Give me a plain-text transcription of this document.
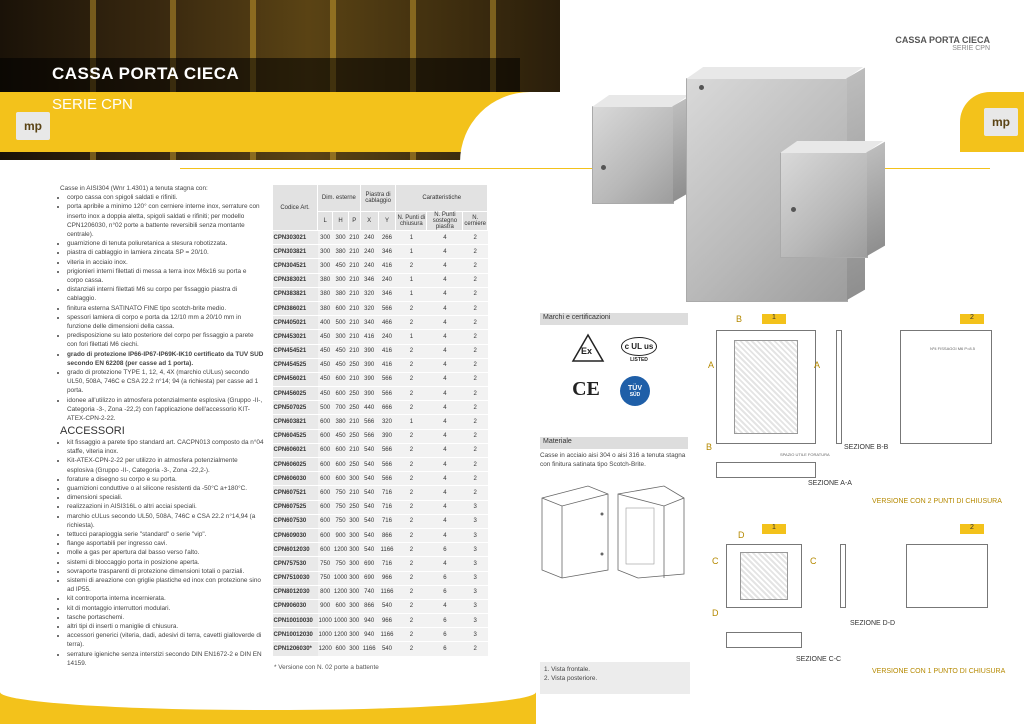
CASSA PORTA CIECA
SERIE CPN
mp	mp
CASSA PORTA CIECA
SERIE CPN
Casse in AISI304 (Wnr 1.4301) a tenuta stagna con:
• corpo cassa con spigoli saldati e rifiniti.
• porta apribile a minimo 120° con cerniere interne inox, serrature con inserto inox a doppia aletta, spigoli saldati e rifiniti; per modello CPN1206030, n°02 porte a battente reversibili senza montante centrale).
• guarnizione di tenuta poliuretanica a stesura robotizzata.
• piastra di cablaggio in lamiera zincata SP = 20/10.
• viteria in acciaio inox.
• prigionieri interni filettati di messa a terra inox M6x16 su porta e corpo cassa.
• distanziali interni filettati M6 su corpo per fissaggio piastra di cablaggio.
• finitura esterna SATINATO FINE tipo scotch-brite medio.
• spessori lamiera di corpo e porta da 12/10 mm a 20/10 mm in funzione delle dimensioni della cassa.
• predisposizione su lato posteriore del corpo per fissaggio a parete con fori filettati M6 ciechi.
• grado di protezione IP66-IP67-IP69K-IK10 certificato da TUV SUD secondo EN 62208 (per casse ad 1 porta).
• grado di protezione TYPE 1, 12, 4, 4X (marchio cULus) secondo UL50, 508A, 746C e CSA 22.2 n°14; 94 (a richiesta) per casse ad 1 porta.
• idonee all'utilizzo in atmosfera potenzialmente esplosiva (Gruppo -II-, Categoria -3-, Zona -22,2) con l'applicazione dell'accessorio KIT-ATEX-CPN-2-22.
ACCESSORI
• kit fissaggio a parete tipo standard art. CACPN013 composto da n°04 staffe, viteria inox.
• Kit-ATEX-CPN-2-22 per utilizzo in atmosfera potenzialmente esplosiva (Gruppo -II-, Categoria -3-, Zona -22,2-).
• forature a disegno su corpo e su porta.
• guarnizioni conduttive o al silicone resistenti da -50°C a+180°C.
• dimensioni speciali.
• realizzazioni in AISI316L o altri acciai speciali.
• marchio cULus secondo UL50, 508A, 746C e CSA 22.2 n°14,94 (a richiesta).
• tettucci parapioggia serie "standard" o serie "vip".
• flange asportabili per ingresso cavi.
• molle a gas per apertura dal basso verso l'alto.
• sistemi di bloccaggio porta in posizione aperta.
• sovraporte trasparenti di protezione dimensioni totali o parziali.
• sistemi di areazione con griglie plastiche ed inox con protezione sino ad IP55.
• kit controporta interna incernierata.
• kit di montaggio interruttori modulari.
• tasche portaschemi.
• altri tipi di inserti o maniglie di chiusura.
• accessori generici (viteria, dadi, adesivi di terra, cavetti gialloverde di terra).
• serrature igieniche senza interstizi secondo DIN EN1672-2 e DIN EN 14159.
Codice Art.	Dim. esterne			Piastra di cablaggio		Caratteristiche		
	L	H	P	X	Y	N. Punti di chiusura	N. Punti sostegno piastra	N. cerniere
CPN303021	300	300	210	240	266	1	4	2
CPN303821	300	380	210	240	346	1	4	2
CPN304521	300	450	210	240	416	2	4	2
CPN383021	380	300	210	346	240	1	4	2
CPN383821	380	380	210	320	346	1	4	2
CPN386021	380	600	210	320	566	2	4	2
CPN405021	400	500	210	340	466	2	4	2
CPN453021	450	300	210	416	240	1	4	2
CPN454521	450	450	210	390	416	2	4	2
CPN454525	450	450	250	390	416	2	4	2
CPN456021	450	600	210	390	566	2	4	2
CPN456025	450	600	250	390	566	2	4	2
CPN507025	500	700	250	440	666	2	4	2
CPN603821	600	380	210	566	320	1	4	2
CPN604525	600	450	250	566	390	2	4	2
CPN606021	600	600	210	540	566	2	4	2
CPN606025	600	600	250	540	566	2	4	2
CPN606030	600	600	300	540	566	2	4	2
CPN607521	600	750	210	540	716	2	4	2
CPN607525	600	750	250	540	716	2	4	3
CPN607530	600	750	300	540	716	2	4	3
CPN609030	600	900	300	540	866	2	4	3
CPN6012030	600	1200	300	540	1166	2	6	3
CPN757530	750	750	300	690	716	2	4	3
CPN7510030	750	1000	300	690	966	2	6	3
CPN8012030	800	1200	300	740	1166	2	6	3
CPN906030	900	600	300	866	540	2	4	3
CPN10010030	1000	1000	300	940	966	2	6	3
CPN10012030	1000	1200	300	940	1166	2	6	3
CPN1206030*	1200	600	300	1166	540	2	6	2
* Versione con N. 02 porte a battente
Marchi e certificazioni
Ex	c UL us
LISTED
CE	TÜV
SÜD
Materiale
Casse in acciaio aisi 304 o aisi 316 a tenuta stagna con finitura satinata tipo Scotch-Brite.
1. Vista frontale.
2. Vista posteriore.
1	2
B
A	A
B
SPAZIO UTILE FORATURA
SEZIONE B-B
SEZIONE A-A
Nº4 FISSAGGI M6 P=8.5
VERSIONE CON 2 PUNTI DI CHIUSURA
1	2
D
C	C
D
SEZIONE D-D
SEZIONE C-C
VERSIONE CON 1 PUNTO DI CHIUSURA
